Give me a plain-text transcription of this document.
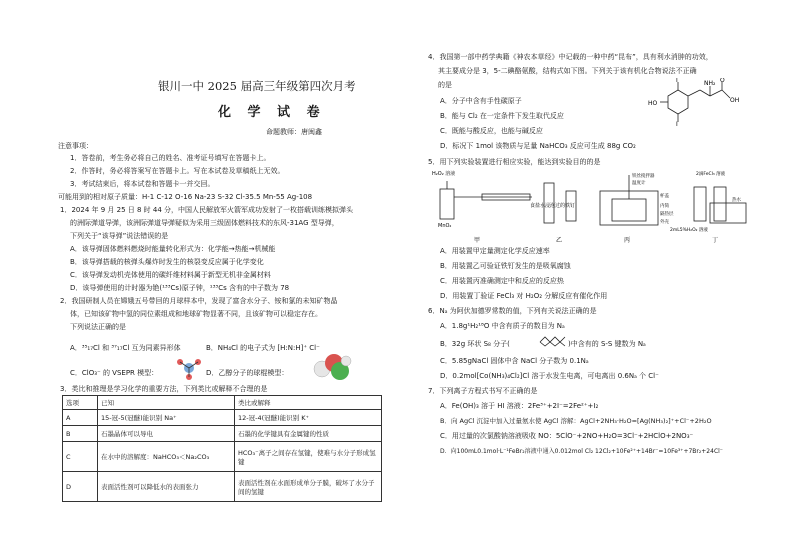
银川一中 2025 届高三年级第四次月考
化 学 试 卷
命题教师：唐闽鑫
注意事项：
1．答卷前，考生务必将自己的姓名、准考证号填写在答题卡上。
2．作答时，务必将答案写在答题卡上。写在本试卷及草稿纸上无效。
3．考试结束后，将本试卷和答题卡一并交回。
可能用到的相对原子质量：H-1 C-12 O-16 Na-23 S-32 Cl-35.5 Mn-55 Ag-108
1．2024 年 9 月 25 日 8 时 44 分，中国人民解放军火箭军成功发射了一枚搭载训练模拟弹头
的洲际弹道导弹，该洲际弹道导弹疑似为采用三级固体燃料技术的东风-31AG 型导弹，
下列关于“该导弹”说法错误的是
A．该导弹固体燃料燃烧时能量转化形式为：化学能→热能→机械能
B．该导弹搭载的核弹头爆炸时发生的核裂变反应属于化学变化
C．该导弹发动机壳体使用的碳纤维材料属于新型无机非金属材料
D．该导弹使用的计时器为铯(¹³³Cs)原子钟，¹³³Cs 含有的中子数为 78
2．我国研制人员在嫦娥五号带回的月球样本中，发现了富含水分子、铵和氯的未知矿物晶
体，已知该矿物中氢的同位素组成和地球矿物显著不同，且该矿物可以稳定存在。
下列说法正确的是
A．³⁵₁₇Cl 和 ³⁷₁₇Cl 互为同素异形体	B．NH₄Cl 的电子式为 [H:N:H]⁺ Cl⁻
C．ClO₃⁻ 的 VSEPR 模型：	D．乙醇分子的球棍模型：
3．类比和推理是学习化学的重要方法，下列类比或解释不合理的是
选项	已知	类比或解释
A	15-冠-5(冠醚)能识别 Na⁺	12-冠-4(冠醚)能识别 K⁺
B	石墨晶体可以导电	石墨的化学键具有金属键的性质
C	在水中的溶解度：NaHCO₃＜Na₂CO₃	HCO₃⁻离子之间存在氢键，使难与水分子形成氢键
D	表面活性剂可以降低水的表面张力	表面活性剂在水面形成单分子膜，破坏了水分子间的氢键
4．我国第一部中药学典籍《神农本草经》中记载的一种中药“昆布”，具有利水消肿的功效，
其主要成分是 3，5-二碘酪氨酸，结构式如下图。下列关于该有机化合物说法不正确
的是
A．分子中含有手性碳原子
B．能与 Cl₂ 在一定条件下发生取代反应
C．既能与酸反应，也能与碱反应
D．标况下 1mol 该物质与足量 NaHCO₃ 反应可生成 88g CO₂
HO
I
I
NH₂
OH
O
5．用下列实验装置进行相应实验，能达到实验目的的是
H₂O₂ 溶液
MnO₂
甲
食盐水浸泡过的铁钉
乙
铁丝搅拌器
温度计
杯盖
内筒
隔热层
外壳
丙
2滴FeCl₃ 溶液
热水
2mL5%H₂O₂ 溶液
丁
A．用装置甲定量测定化学反应速率
B．用装置乙可验证铁钉发生的是吸氧腐蚀
C．用装置丙准确测定中和反应的反应热
D．用装置丁验证 FeCl₃ 对 H₂O₂ 分解反应有催化作用
6．Nₐ 为阿伏加德罗常数的值，下列有关说法正确的是
A．1.8g¹H₂¹⁸O 中含有质子的数目为 Nₐ
B．32g 环状 S₈ 分子(	)中含有的 S-S 键数为 Nₐ
C．5.85gNaCl 固体中含 NaCl 分子数为 0.1Nₐ
D．0.2mol[Co(NH₃)₄Cl₂]Cl 溶于水发生电离，可电离出 0.6Nₐ 个 Cl⁻
7．下列离子方程式书写不正确的是
A．Fe(OH)₃ 溶于 HI 溶液：2Fe³⁺+2I⁻=2Fe²⁺+I₂
B．向 AgCl 沉淀中加入过量氨水使 AgCl 溶解：AgCl+2NH₃·H₂O=[Ag(NH₃)₂]⁺+Cl⁻+2H₂O
C．用过量的次氯酸钠溶液吸收 NO：5ClO⁻+2NO+H₂O=3Cl⁻+2HClO+2NO₃⁻
D．向100mL0.1mol·L⁻¹FeBr₂溶液中通入0.012mol Cl₂ 12Cl₂+10Fe²⁺+14Br⁻=10Fe³⁺+7Br₂+24Cl⁻
